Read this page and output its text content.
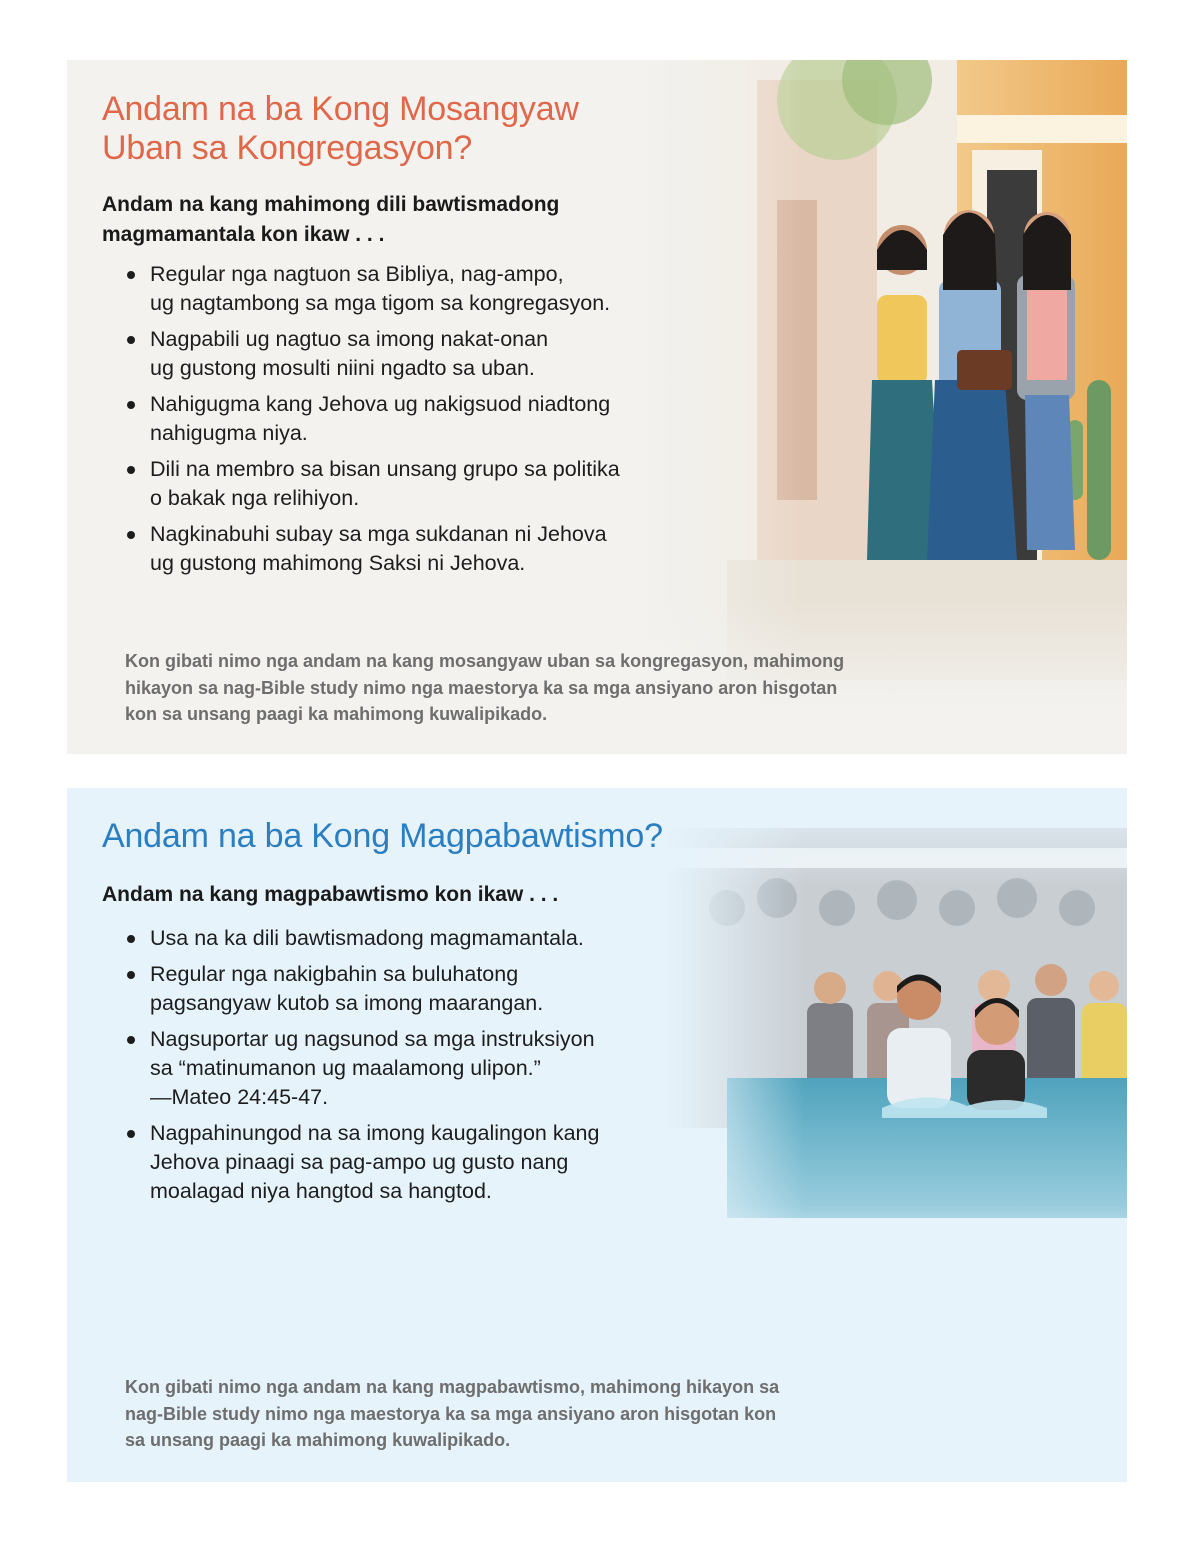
Andam na ba Kong Mosangyaw
Uban sa Kongregasyon?

Andam na kang mahimong dili bawtismadong
magmamantala kon ikaw . . .

Regular nga nagtuon sa Bibliya, nag-ampo,
ug nagtambong sa mga tigom sa kongregasyon.
Nagpabili ug nagtuo sa imong nakat-onan
ug gustong mosulti niini ngadto sa uban.
Nahigugma kang Jehova ug nakigsuod niadtong
nahigugma niya.
Dili na membro sa bisan unsang grupo sa politika
o bakak nga relihiyon.
Nagkinabuhi subay sa mga sukdanan ni Jehova
ug gustong mahimong Saksi ni Jehova.

Kon gibati nimo nga andam na kang mosangyaw uban sa kongregasyon, mahimong
hikayon sa nag-Bible study nimo nga maestorya ka sa mga ansiyano aron hisgotan
kon sa unsang paagi ka mahimong kuwalipikado.

Andam na ba Kong Magpabawtismo?

Andam na kang magpabawtismo kon ikaw . . .

Usa na ka dili bawtismadong magmamantala.
Regular nga nakigbahin sa buluhatong
pagsangyaw kutob sa imong maarangan.
Nagsuportar ug nagsunod sa mga instruksiyon
sa “matinumanon ug maalamong ulipon.”
—Mateo 24:45-47.
Nagpahinungod na sa imong kaugalingon kang
Jehova pinaagi sa pag-ampo ug gusto nang
moalagad niya hangtod sa hangtod.

Kon gibati nimo nga andam na kang magpabawtismo, mahimong hikayon sa
nag-Bible study nimo nga maestorya ka sa mga ansiyano aron hisgotan kon
sa unsang paagi ka mahimong kuwalipikado.
